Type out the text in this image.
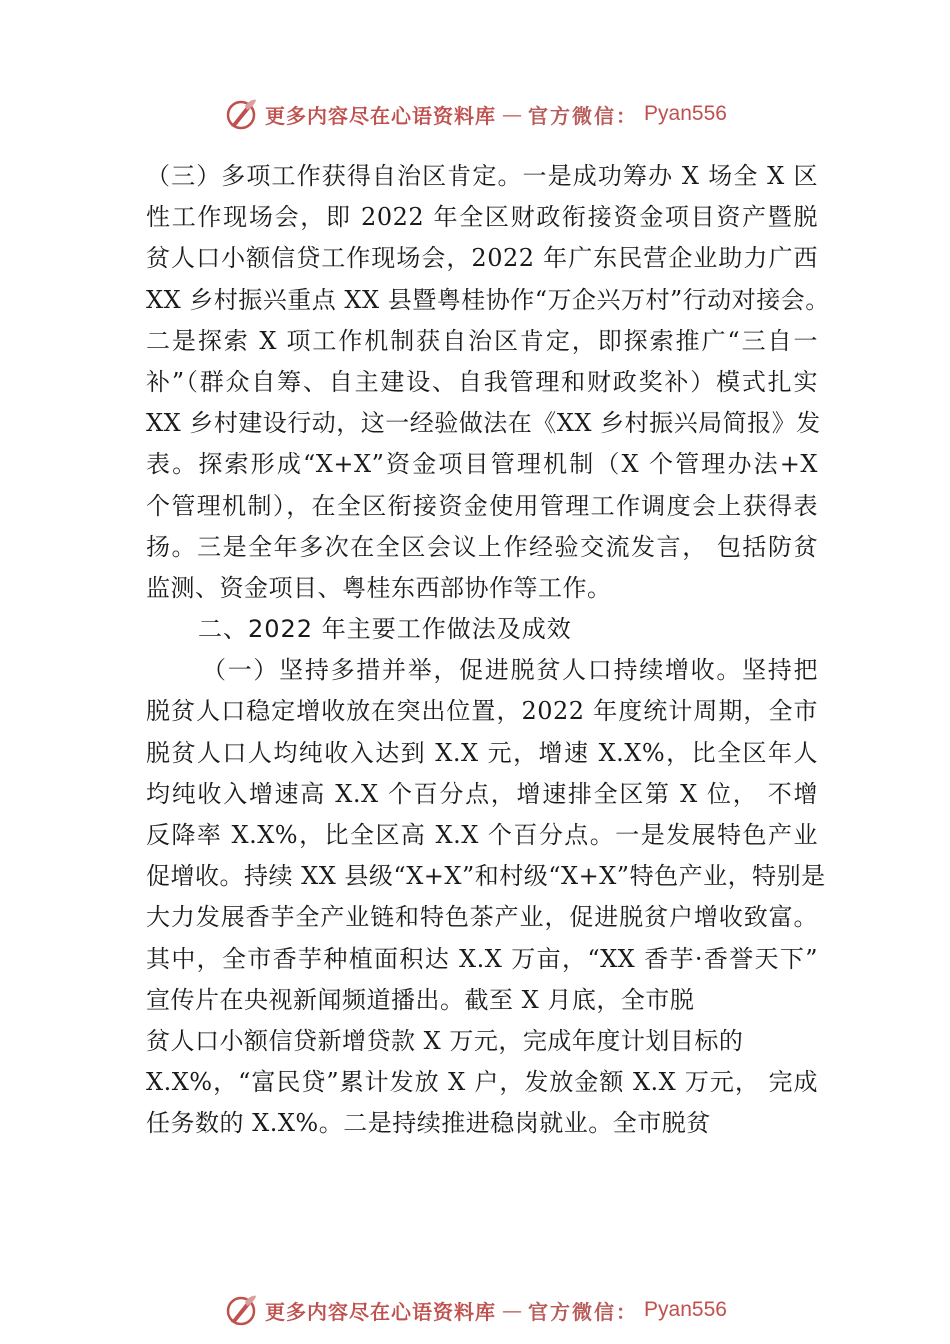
更多内容尽在心语资料库 — 官方微信： Pyan556
（三）多项工作获得自治区肯定。一是成功筹办 X 场全 X 区
性工作现场会，即 2022 年全区财政衔接资金项目资产暨脱
贫人口小额信贷工作现场会，2022 年广东民营企业助力广西
XX 乡村振兴重点 XX 县暨粤桂协作“万企兴万村”行动对接会。
二是探索 X 项工作机制获自治区肯定，即探索推广“三自一
补”（群众自筹、自主建设、自我管理和财政奖补）模式扎实
XX 乡村建设行动，这一经验做法在《XX 乡村振兴局简报》发
表。探索形成“X+X”资金项目管理机制（X 个管理办法+X
个管理机制），在全区衔接资金使用管理工作调度会上获得表
扬。三是全年多次在全区会议上作经验交流发言， 包括防贫
监测、资金项目、粤桂东西部协作等工作。
二、2022 年主要工作做法及成效
（一）坚持多措并举，促进脱贫人口持续增收。坚持把
脱贫人口稳定增收放在突出位置，2022 年度统计周期，全市
脱贫人口人均纯收入达到 X.X 元，增速 X.X%，比全区年人
均纯收入增速高 X.X 个百分点，增速排全区第 X 位， 不增
反降率 X.X%，比全区高 X.X 个百分点。一是发展特色产业
促增收。持续 XX 县级“X+X”和村级“X+X”特色产业，特别是
大力发展香芋全产业链和特色茶产业，促进脱贫户增收致富。
其中，全市香芋种植面积达 X.X 万亩，“XX 香芋·香誉天下”
宣传片在央视新闻频道播出。截至 X 月底，全市脱
贫人口小额信贷新增贷款 X 万元，完成年度计划目标的
X.X%，“富民贷”累计发放 X 户，发放金额 X.X 万元， 完成
任务数的 X.X%。二是持续推进稳岗就业。全市脱贫
更多内容尽在心语资料库 — 官方微信： Pyan556
